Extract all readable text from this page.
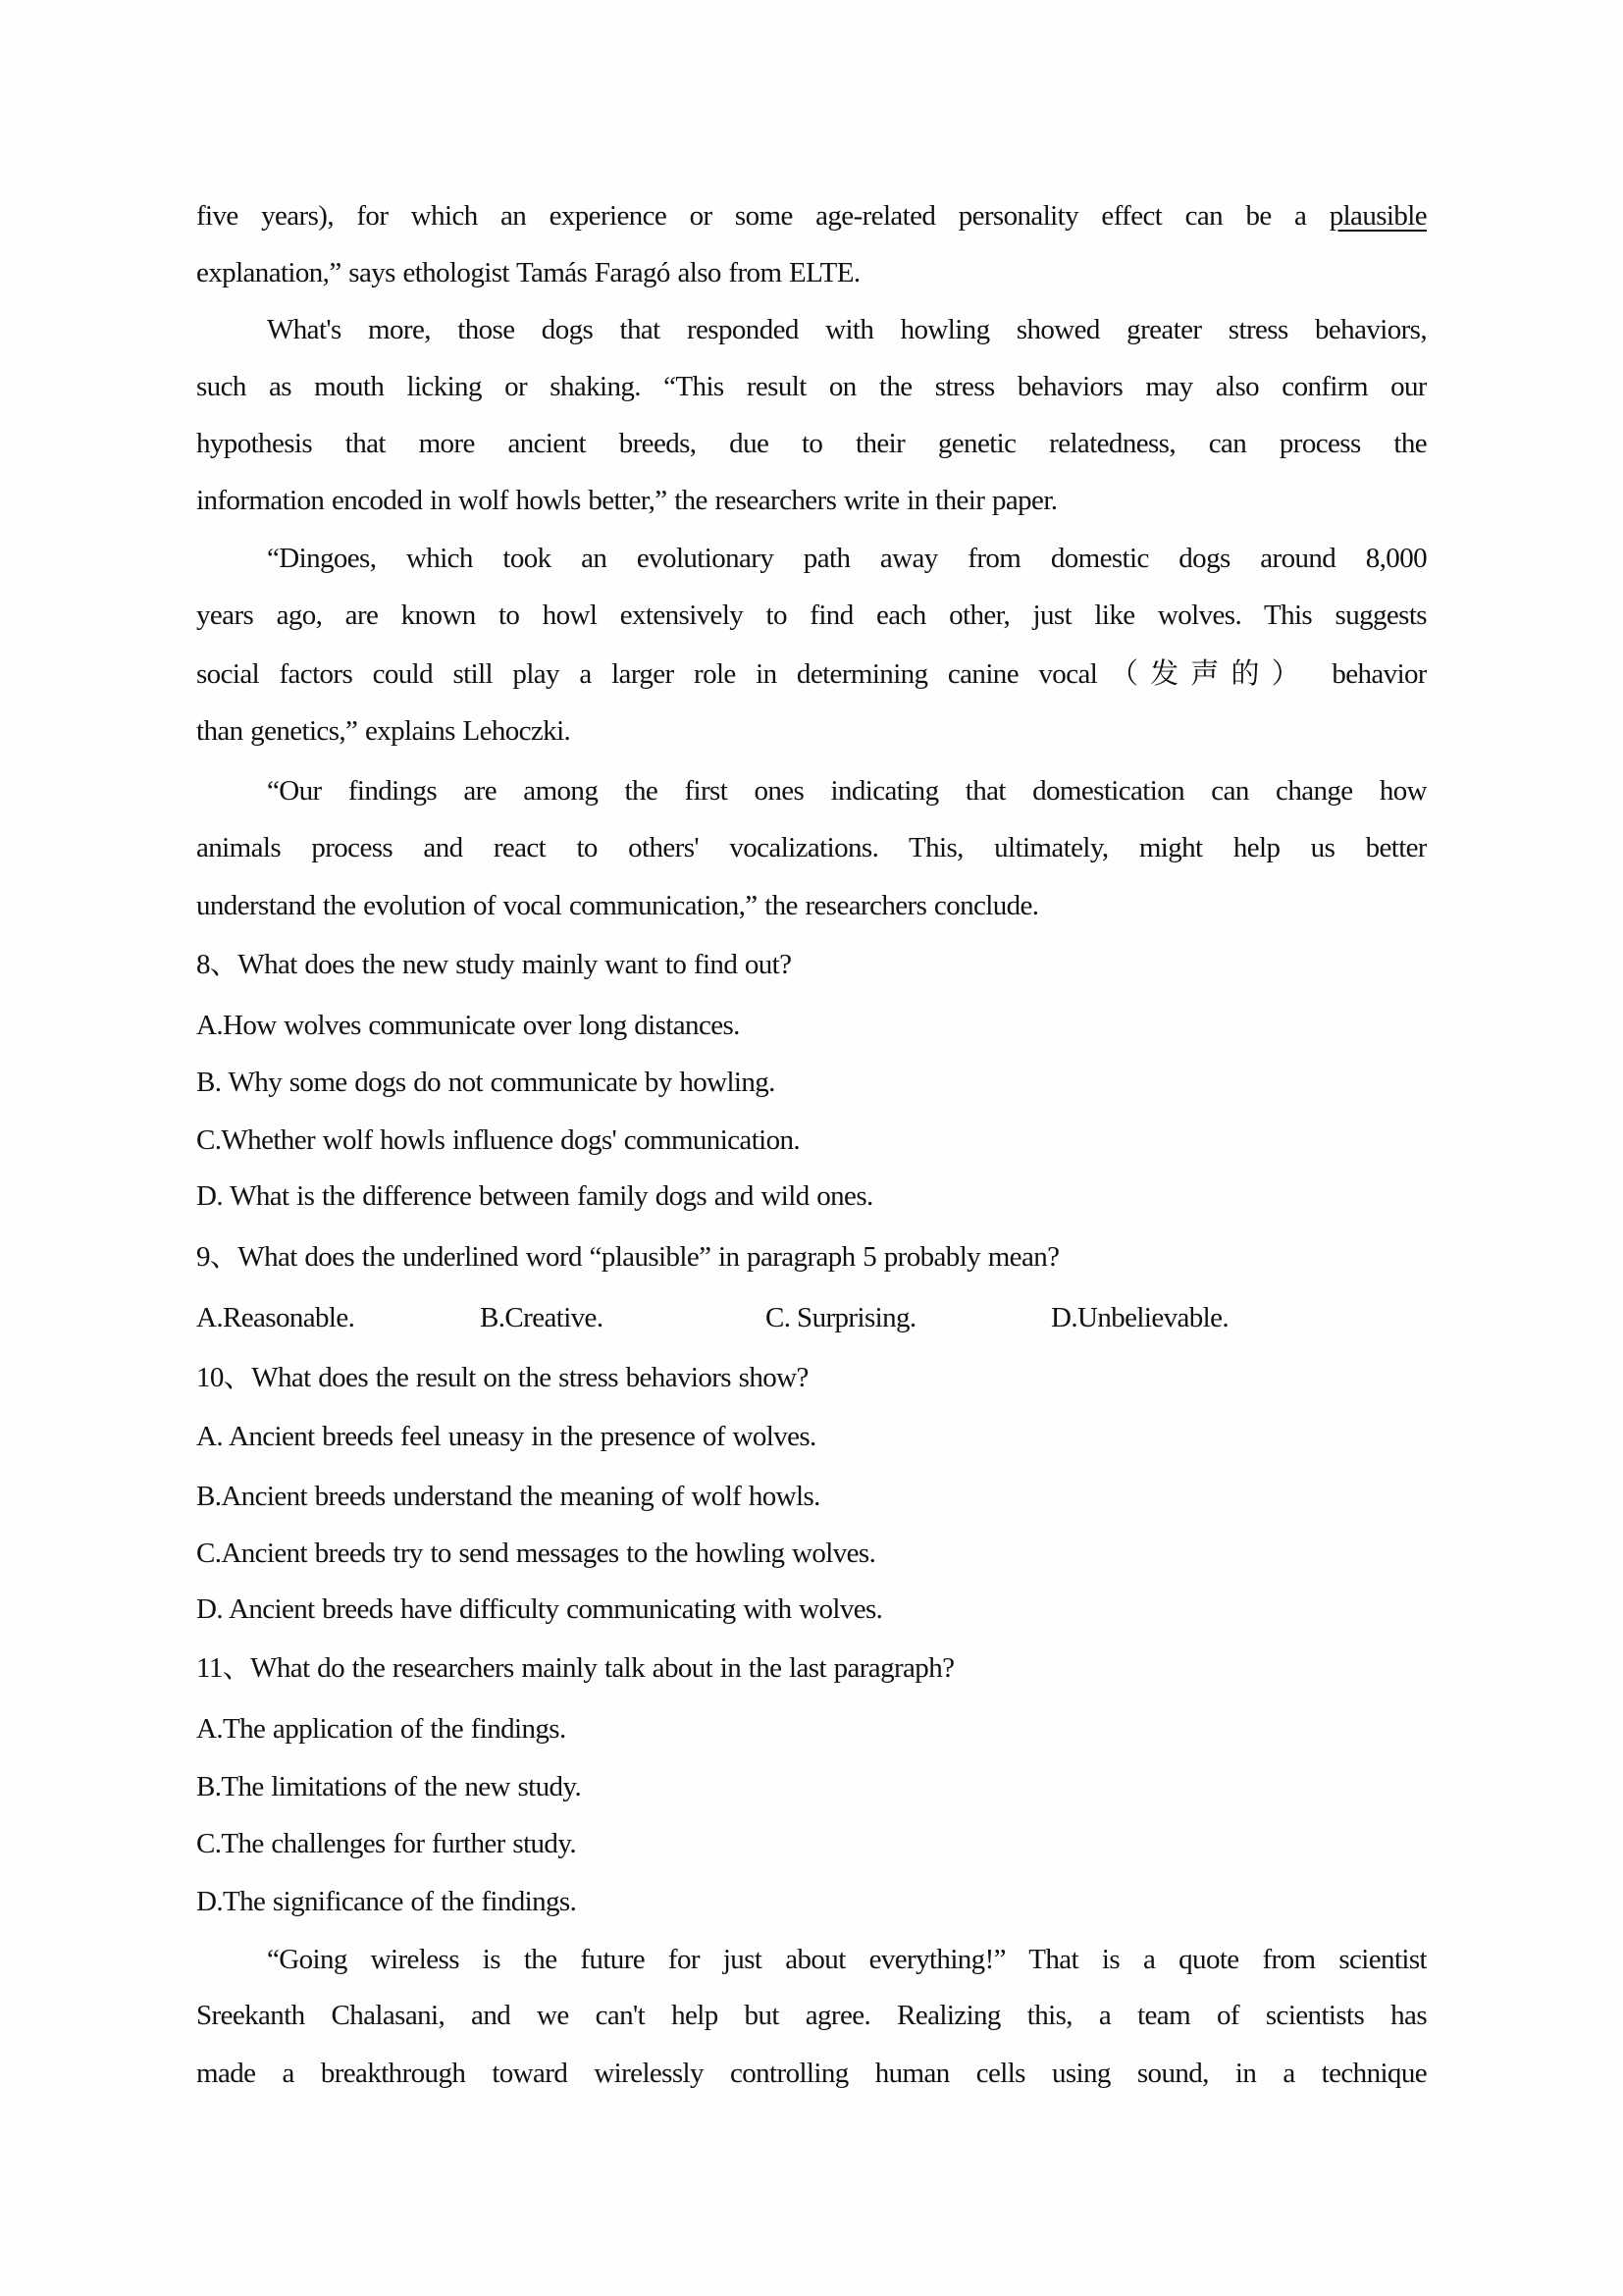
five years), for which an experience or some age-related personality effect can be a plausible
explanation,” says ethologist Tamás Faragó also from ELTE.
What's more, those dogs that responded with howling showed greater stress behaviors,
such as mouth licking or shaking. “This result on the stress behaviors may also confirm our
hypothesis that more ancient breeds, due to their genetic relatedness, can process the
information encoded in wolf howls better,” the researchers write in their paper.
“Dingoes, which took an evolutionary path away from domestic dogs around 8,000
years ago, are known to howl extensively to find each other, just like wolves. This suggests
social factors could still play a larger role in determining canine vocal（发声的） behavior
than genetics,” explains Lehoczki.
“Our findings are among the first ones indicating that domestication can change how
animals process and react to others' vocalizations. This, ultimately, might help us better
understand the evolution of vocal communication,” the researchers conclude.
8、What does the new study mainly want to find out?
A.How wolves communicate over long distances.
B. Why some dogs do not communicate by howling.
C.Whether wolf howls influence dogs' communication.
D. What is the difference between family dogs and wild ones.
9、What does the underlined word “plausible” in paragraph 5 probably mean?
A.Reasonable.	B.Creative.	C. Surprising.	D.Unbelievable.
10、What does the result on the stress behaviors show?
A. Ancient breeds feel uneasy in the presence of wolves.
B.Ancient breeds understand the meaning of wolf howls.
C.Ancient breeds try to send messages to the howling wolves.
D. Ancient breeds have difficulty communicating with wolves.
11、What do the researchers mainly talk about in the last paragraph?
A.The application of the findings.
B.The limitations of the new study.
C.The challenges for further study.
D.The significance of the findings.
“Going wireless is the future for just about everything!” That is a quote from scientist
Sreekanth Chalasani, and we can't help but agree. Realizing this, a team of scientists has
made a breakthrough toward wirelessly controlling human cells using sound, in a technique
